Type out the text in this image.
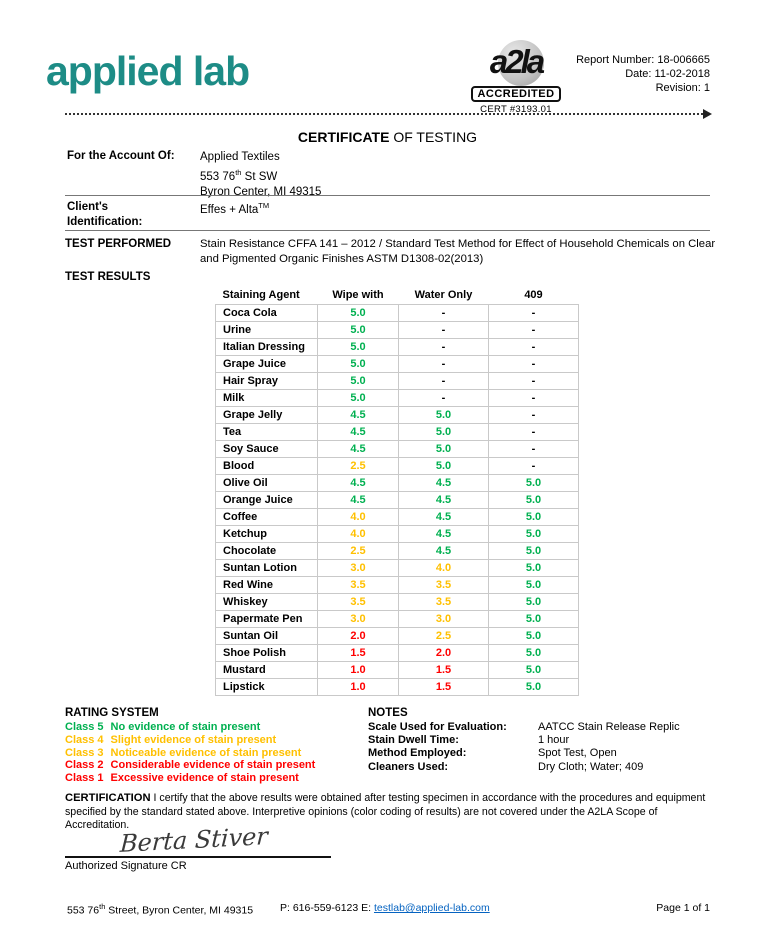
applied lab	a2la
ACCREDITED
CERT #3193.01
Report Number: 18-006665
Date: 11-02-2018
Revision: 1
CERTIFICATE OF TESTING
For the Account Of: Applied Textiles
553 76th St SW
Byron Center, MI 49315
Client's
Identification:
Effes + Alta™
TEST PERFORMED	Stain Resistance CFFA 141 – 2012 / Standard Test Method for Effect of Household Chemicals on Clear and Pigmented Organic Finishes ASTM D1308-02(2013)
TEST RESULTS
Staining Agent	Wipe with	Water Only	409
Coca Cola	5.0	-	-
Urine	5.0	-	-
Italian Dressing	5.0	-	-
Grape Juice	5.0	-	-
Hair Spray	5.0	-	-
Milk	5.0	-	-
Grape Jelly	4.5	5.0	-
Tea	4.5	5.0	-
Soy Sauce	4.5	5.0	-
Blood	2.5	5.0	-
Olive Oil	4.5	4.5	5.0
Orange Juice	4.5	4.5	5.0
Coffee	4.0	4.5	5.0
Ketchup	4.0	4.5	5.0
Chocolate	2.5	4.5	5.0
Suntan Lotion	3.0	4.0	5.0
Red Wine	3.5	3.5	5.0
Whiskey	3.5	3.5	5.0
Papermate Pen	3.0	3.0	5.0
Suntan Oil	2.0	2.5	5.0
Shoe Polish	1.5	2.0	5.0
Mustard	1.0	1.5	5.0
Lipstick	1.0	1.5	5.0
RATING SYSTEM
Class 5 No evidence of stain present
Class 4 Slight evidence of stain present
Class 3 Noticeable evidence of stain present
Class 2 Considerable evidence of stain present
Class 1 Excessive evidence of stain present
NOTES
Scale Used for Evaluation:	AATCC Stain Release Replic
Stain Dwell Time:	1 hour
Method Employed:	Spot Test, Open
Cleaners Used:	Dry Cloth; Water; 409

CERTIFICATION I certify that the above results were obtained after testing specimen in accordance with the procedures and equipment specified by the standard stated above. Interpretive opinions (color coding of results) are not covered under the A2LA Scope of Accreditation.

Berta Stiver
Authorized Signature CR
553 76th Street, Byron Center, MI 49315	P: 616-559-6123 E: testlab@applied-lab.com	Page 1 of 1
